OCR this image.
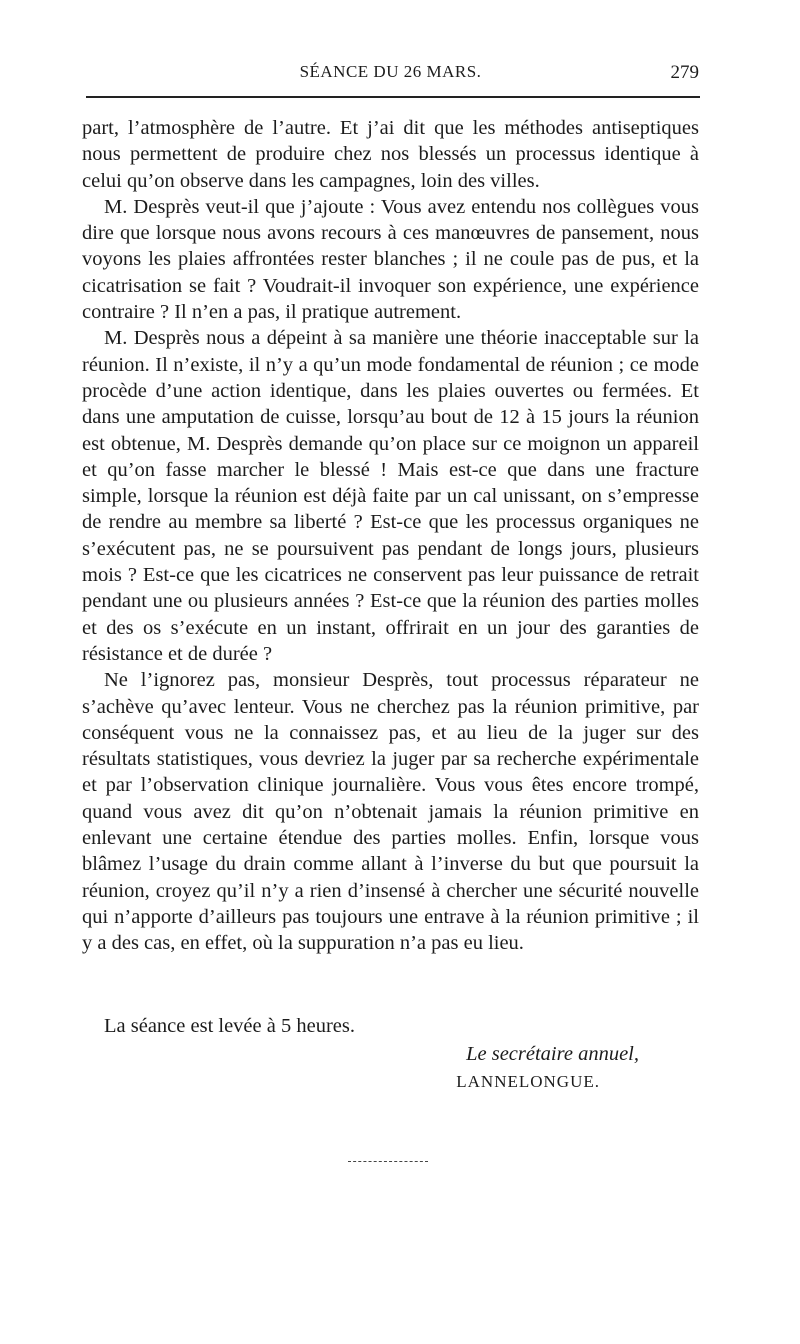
SÉANCE DU 26 MARS.	279

part, l’atmosphère de l’autre. Et j’ai dit que les méthodes antiseptiques nous permettent de produire chez nos blessés un processus identique à celui qu’on observe dans les campagnes, loin des villes.

M. Desprès veut-il que j’ajoute : Vous avez entendu nos collègues vous dire que lorsque nous avons recours à ces manœuvres de pansement, nous voyons les plaies affrontées rester blanches ; il ne coule pas de pus, et la cicatrisation se fait ? Voudrait-il invoquer son expérience, une expérience contraire ? Il n’en a pas, il pratique autrement.

M. Desprès nous a dépeint à sa manière une théorie inacceptable sur la réunion. Il n’existe, il n’y a qu’un mode fondamental de réunion ; ce mode procède d’une action identique, dans les plaies ouvertes ou fermées. Et dans une amputation de cuisse, lorsqu’au bout de 12 à 15 jours la réunion est obtenue, M. Desprès demande qu’on place sur ce moignon un appareil et qu’on fasse marcher le blessé ! Mais est-ce que dans une fracture simple, lorsque la réunion est déjà faite par un cal unissant, on s’empresse de rendre au membre sa liberté ? Est-ce que les processus organiques ne s’exécutent pas, ne se poursuivent pas pendant de longs jours, plusieurs mois ? Est-ce que les cicatrices ne conservent pas leur puissance de retrait pendant une ou plusieurs années ? Est-ce que la réunion des parties molles et des os s’exécute en un instant, offrirait en un jour des garanties de résistance et de durée ?

Ne l’ignorez pas, monsieur Desprès, tout processus réparateur ne s’achève qu’avec lenteur. Vous ne cherchez pas la réunion primitive, par conséquent vous ne la connaissez pas, et au lieu de la juger sur des résultats statistiques, vous devriez la juger par sa recherche expérimentale et par l’observation clinique journalière. Vous vous êtes encore trompé, quand vous avez dit qu’on n’obtenait jamais la réunion primitive en enlevant une certaine étendue des parties molles. Enfin, lorsque vous blâmez l’usage du drain comme allant à l’inverse du but que poursuit la réunion, croyez qu’il n’y a rien d’insensé à chercher une sécurité nouvelle qui n’apporte d’ailleurs pas toujours une entrave à la réunion primitive ; il y a des cas, en effet, où la suppuration n’a pas eu lieu.

La séance est levée à 5 heures.
Le secrétaire annuel,
LANNELONGUE.
